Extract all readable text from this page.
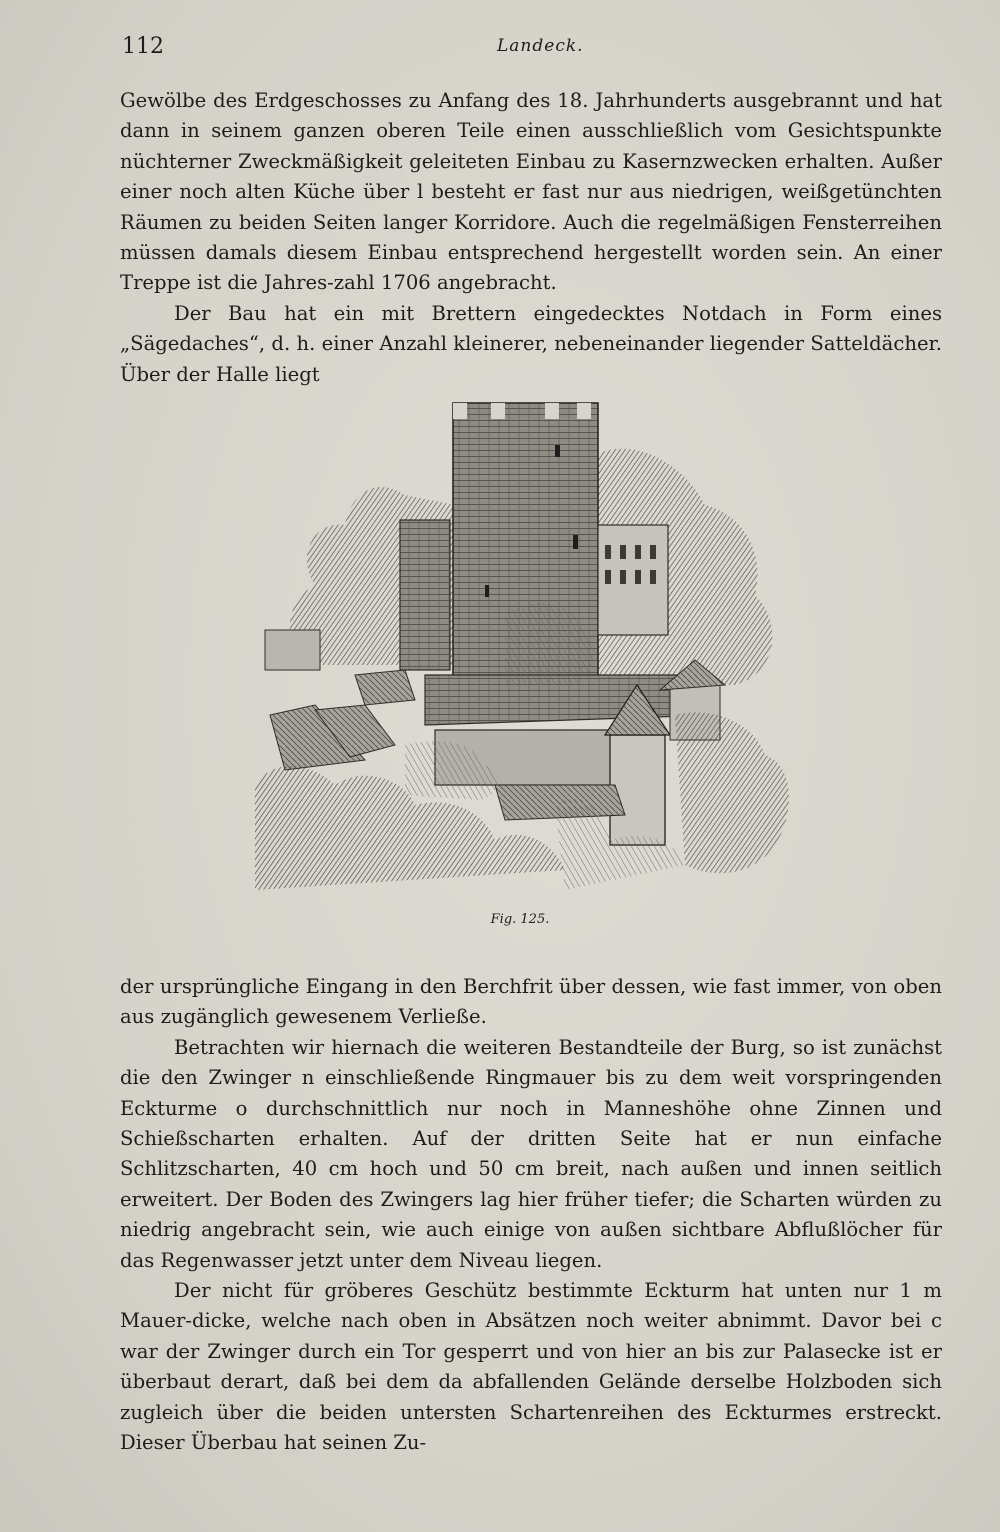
112	Landeck.

Gewölbe des Erdgeschosses zu Anfang des 18. Jahrhunderts ausgebrannt und hat dann in seinem ganzen oberen Teile einen ausschließlich vom Gesichtspunkte nüchterner Zweckmäßigkeit geleiteten Einbau zu Kasernzwecken erhalten. Außer einer noch alten Küche über l besteht er fast nur aus niedrigen, weißgetünchten Räumen zu beiden Seiten langer Korridore. Auch die regelmäßigen Fensterreihen müssen damals diesem Einbau entsprechend hergestellt worden sein. An einer Treppe ist die Jahres-zahl 1706 angebracht.

Der Bau hat ein mit Brettern eingedecktes Notdach in Form eines „Sägedaches“, d. h. einer Anzahl kleinerer, nebeneinander liegender Satteldächer. Über der Halle liegt

Fig. 125.

der ursprüngliche Eingang in den Berchfrit über dessen, wie fast immer, von oben aus zugänglich gewesenem Verließe.

Betrachten wir hiernach die weiteren Bestandteile der Burg, so ist zunächst die den Zwinger n einschließende Ringmauer bis zu dem weit vorspringenden Eckturme o durchschnittlich nur noch in Manneshöhe ohne Zinnen und Schießscharten erhalten. Auf der dritten Seite hat er nun einfache Schlitzscharten, 40 cm hoch und 50 cm breit, nach außen und innen seitlich erweitert. Der Boden des Zwingers lag hier früher tiefer; die Scharten würden zu niedrig angebracht sein, wie auch einige von außen sichtbare Abflußlöcher für das Regenwasser jetzt unter dem Niveau liegen.

Der nicht für gröberes Geschütz bestimmte Eckturm hat unten nur 1 m Mauer-dicke, welche nach oben in Absätzen noch weiter abnimmt. Davor bei c war der Zwinger durch ein Tor gesperrt und von hier an bis zur Palasecke ist er überbaut derart, daß bei dem da abfallenden Gelände derselbe Holzboden sich zugleich über die beiden untersten Schartenreihen des Eckturmes erstreckt. Dieser Überbau hat seinen Zu-
